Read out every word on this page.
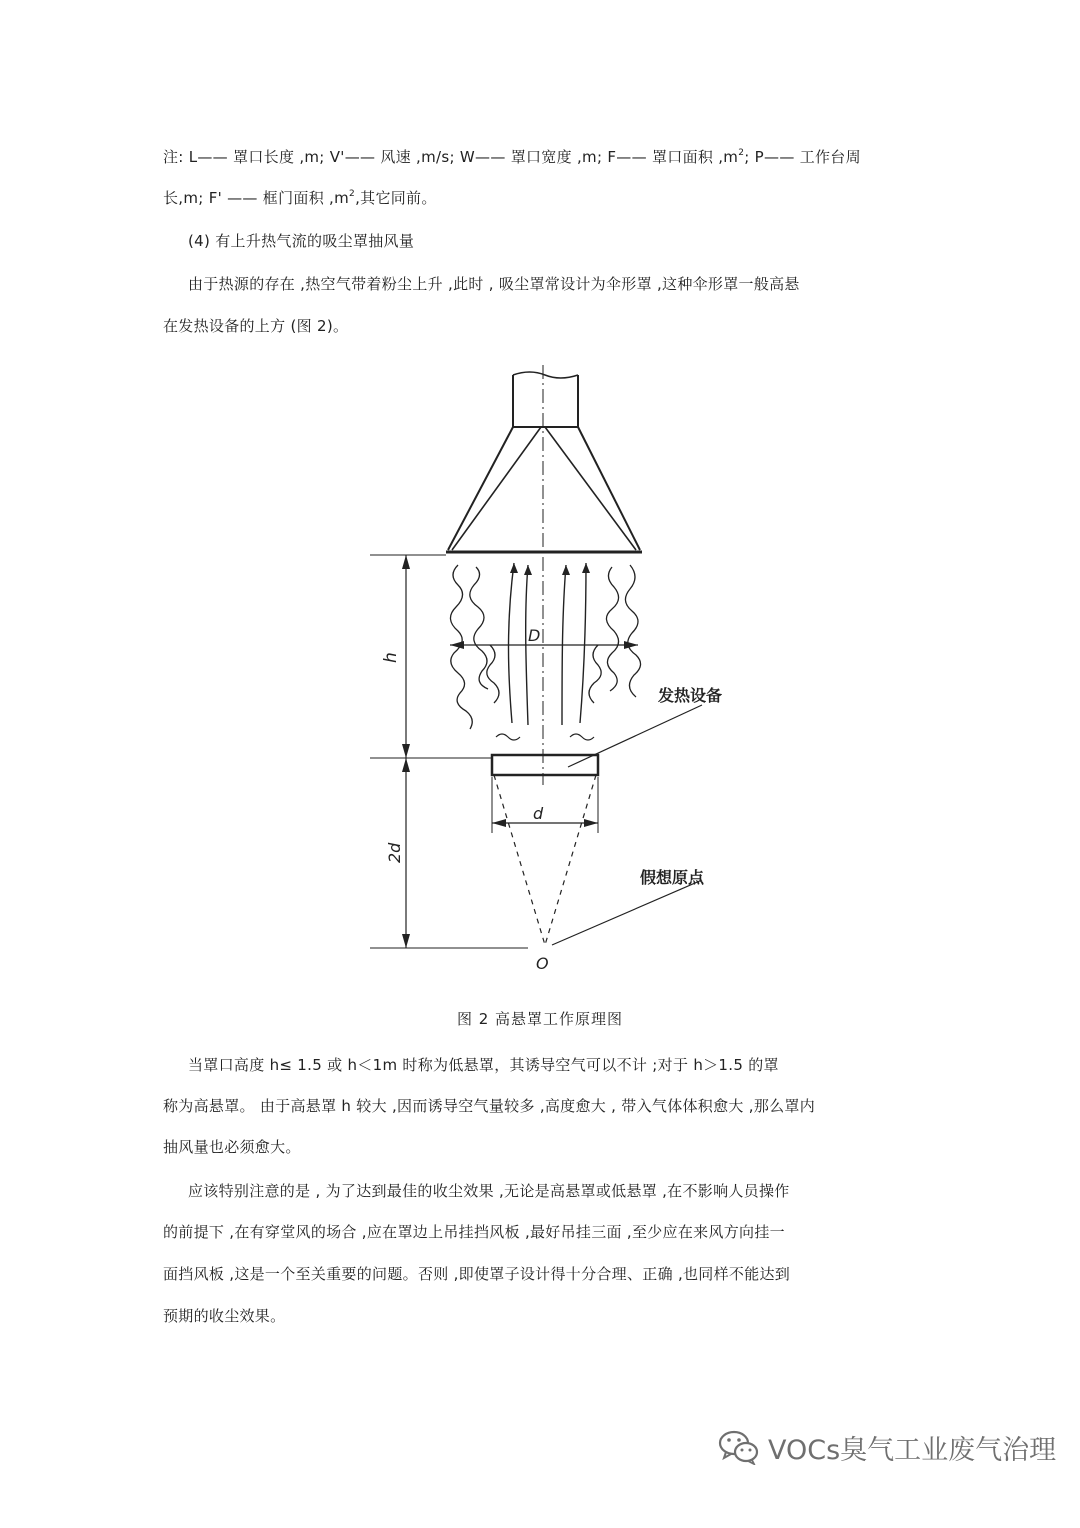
注: L—— 罩口长度 ,m; V'—— 风速 ,m/s; W—— 罩口宽度 ,m; F—— 罩口面积 $,m^2$; P—— 工作台周
长,m; F' —— 框门面积 $,m^2$,其它同前。
(4) 有上升热气流的吸尘罩抽风量
由于热源的存在 ,热空气带着粉尘上升 ,此时 , 吸尘罩常设计为伞形罩 ,这种伞形罩一般高悬
在发热设备的上方 (图 2)。
D
h
d
2d
O
发热设备
假想原点
图 2 高悬罩工作原理图
当罩口高度 h≤ 1.5 或 h＜1m 时称为低悬罩，其诱导空气可以不计 ;对于 h＞1.5 的罩
称为高悬罩。 由于高悬罩 h 较大 ,因而诱导空气量较多 ,高度愈大 , 带入气体体积愈大 ,那么罩内
抽风量也必须愈大。
应该特别注意的是 , 为了达到最佳的收尘效果 ,无论是高悬罩或低悬罩 ,在不影响人员操作
的前提下 ,在有穿堂风的场合 ,应在罩边上吊挂挡风板 ,最好吊挂三面 ,至少应在来风方向挂一
面挡风板 ,这是一个至关重要的问题。否则 ,即使罩子设计得十分合理、正确 ,也同样不能达到
预期的收尘效果。
VOCs臭气工业废气治理
